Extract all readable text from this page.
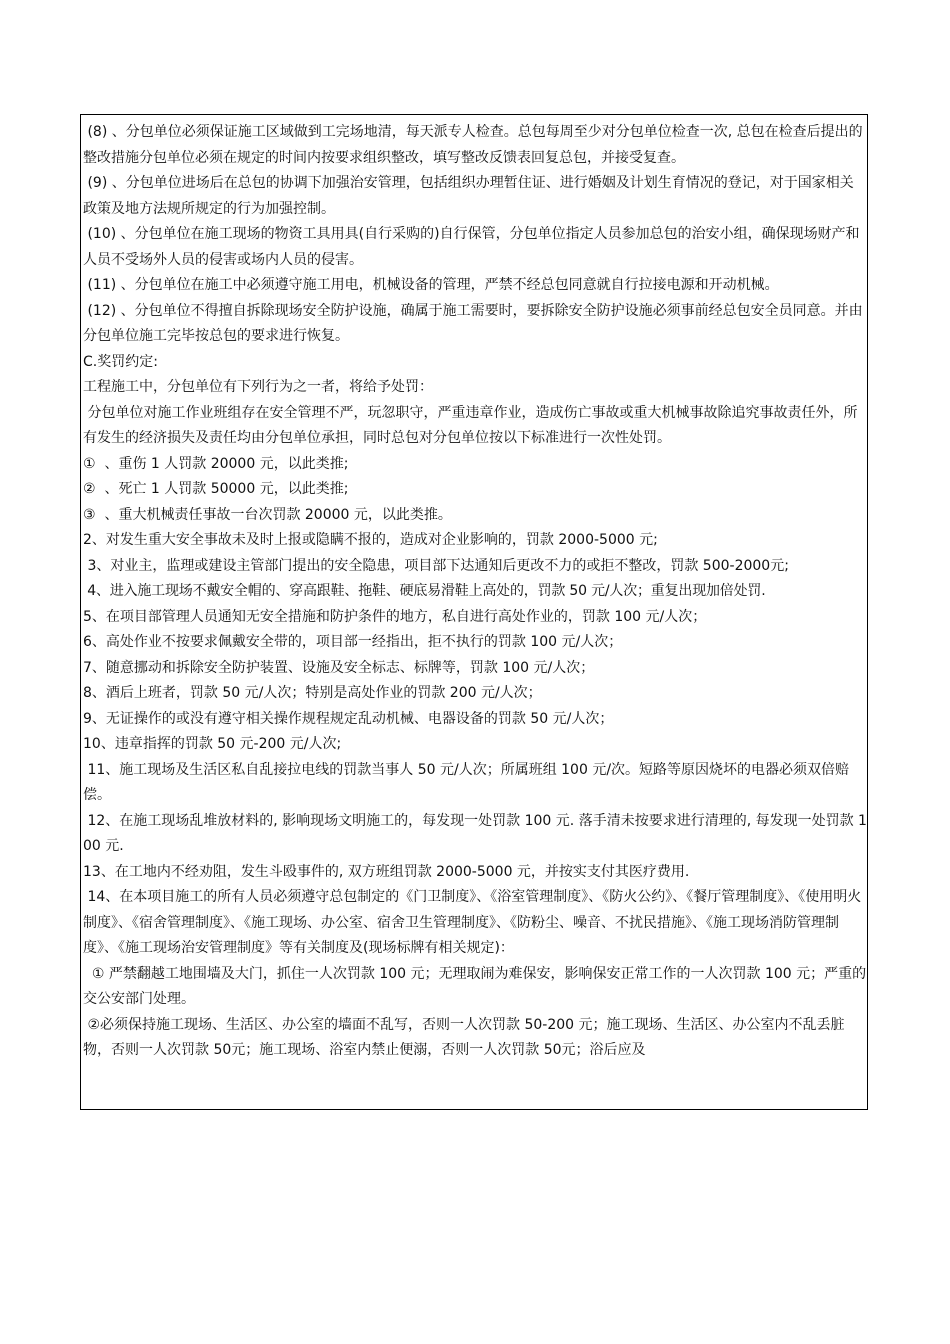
(8) 、分包单位必须保证施工区域做到工完场地清，每天派专人检查。总包每周至少对分包单位检查一次, 总包在检查后提出的整改措施分包单位必须在规定的时间内按要求组织整改，填写整改反馈表回复总包，并接受复查。

(9) 、分包单位进场后在总包的协调下加强治安管理，包括组织办理暂住证、进行婚姻及计划生育情况的登记，对于国家相关政策及地方法规所规定的行为加强控制。

(10) 、分包单位在施工现场的物资工具用具(自行采购的)自行保管，分包单位指定人员参加总包的治安小组，确保现场财产和人员不受场外人员的侵害或场内人员的侵害。

(11) 、分包单位在施工中必须遵守施工用电，机械设备的管理，严禁不经总包同意就自行拉接电源和开动机械。

(12) 、分包单位不得擅自拆除现场安全防护设施，确属于施工需要时，要拆除安全防护设施必须事前经总包安全员同意。并由分包单位施工完毕按总包的要求进行恢复。

C.奖罚约定:

工程施工中，分包单位有下列行为之一者，将给予处罚：

分包单位对施工作业班组存在安全管理不严，玩忽职守，严重违章作业，造成伤亡事故或重大机械事故除追究事故责任外，所有发生的经济损失及责任均由分包单位承担，同时总包对分包单位按以下标准进行一次性处罚。

①  、重伤 1 人罚款 20000 元，以此类推;

②  、死亡 1 人罚款 50000 元，以此类推;

③  、重大机械责任事故一台次罚款 20000 元，以此类推。

2、对发生重大安全事故未及时上报或隐瞒不报的，造成对企业影响的，罚款 2000-5000 元;

3、对业主，监理或建设主管部门提出的安全隐患，项目部下达通知后更改不力的或拒不整改，罚款 500-2000元;

4、进入施工现场不戴安全帽的、穿高跟鞋、拖鞋、硬底易滑鞋上高处的，罚款 50 元/人次；重复出现加倍处罚.

5、在项目部管理人员通知无安全措施和防护条件的地方，私自进行高处作业的，罚款 100 元/人次；

6、高处作业不按要求佩戴安全带的，项目部一经指出，拒不执行的罚款 100 元/人次；

7、随意挪动和拆除安全防护装置、设施及安全标志、标牌等，罚款 100 元/人次；

8、酒后上班者，罚款 50 元/人次；特别是高处作业的罚款 200 元/人次；

9、无证操作的或没有遵守相关操作规程规定乱动机械、电器设备的罚款 50 元/人次；

10、违章指挥的罚款 50 元-200 元/人次;

11、施工现场及生活区私自乱接拉电线的罚款当事人 50 元/人次；所属班组 100 元/次。短路等原因烧坏的电器必须双倍赔偿。

12、在施工现场乱堆放材料的, 影响现场文明施工的，每发现一处罚款 100 元. 落手清未按要求进行清理的, 每发现一处罚款 100 元.

13、在工地内不经劝阻，发生斗殴事件的, 双方班组罚款 2000-5000 元，并按实支付其医疗费用.

14、在本项目施工的所有人员必须遵守总包制定的《门卫制度》、《浴室管理制度》、《防火公约》、《餐厅管理制度》、《使用明火制度》、《宿舍管理制度》、《施工现场、办公室、宿舍卫生管理制度》、《防粉尘、噪音、不扰民措施》、《施工现场消防管理制度》、《施工现场治安管理制度》等有关制度及(现场标牌有相关规定)：

① 严禁翻越工地围墙及大门，抓住一人次罚款 100 元；无理取闹为难保安，影响保安正常工作的一人次罚款 100 元；严重的交公安部门处理。

②必须保持施工现场、生活区、办公室的墙面不乱写，否则一人次罚款 50-200 元；施工现场、生活区、办公室内不乱丢脏物，否则一人次罚款 50元；施工现场、浴室内禁止便溺，否则一人次罚款 50元；浴后应及
